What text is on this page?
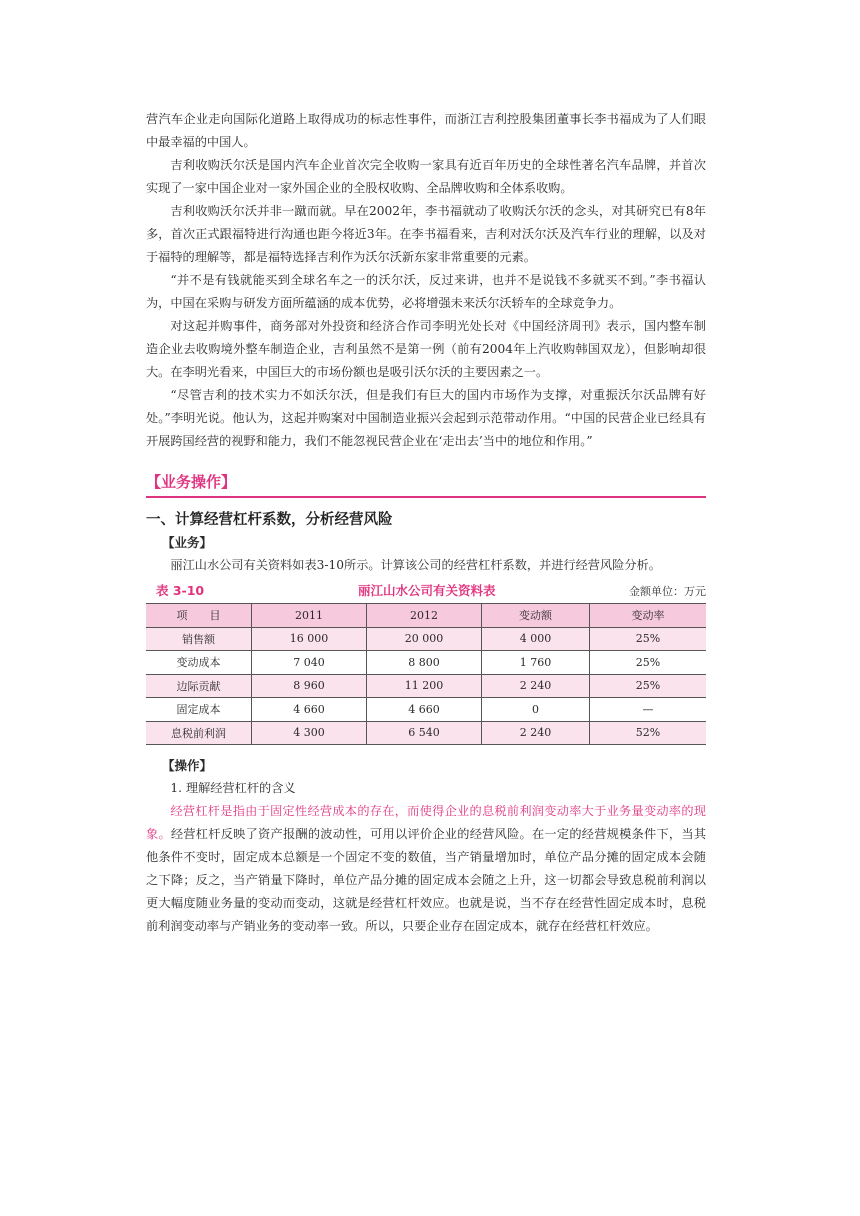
营汽车企业走向国际化道路上取得成功的标志性事件，而浙江吉利控股集团董事长李书福成为了人们眼中最幸福的中国人。

吉利收购沃尔沃是国内汽车企业首次完全收购一家具有近百年历史的全球性著名汽车品牌，并首次实现了一家中国企业对一家外国企业的全股权收购、全品牌收购和全体系收购。

吉利收购沃尔沃并非一蹴而就。早在2002年，李书福就动了收购沃尔沃的念头，对其研究已有8年多，首次正式跟福特进行沟通也距今将近3年。在李书福看来，吉利对沃尔沃及汽车行业的理解，以及对于福特的理解等，都是福特选择吉利作为沃尔沃新东家非常重要的元素。

“并不是有钱就能买到全球名车之一的沃尔沃，反过来讲，也并不是说钱不多就买不到。”李书福认为，中国在采购与研发方面所蕴涵的成本优势，必将增强未来沃尔沃轿车的全球竞争力。

对这起并购事件，商务部对外投资和经济合作司李明光处长对《中国经济周刊》表示，国内整车制造企业去收购境外整车制造企业，吉利虽然不是第一例（前有2004年上汽收购韩国双龙），但影响却很大。在李明光看来，中国巨大的市场份额也是吸引沃尔沃的主要因素之一。

“尽管吉利的技术实力不如沃尔沃，但是我们有巨大的国内市场作为支撑，对重振沃尔沃品牌有好处。”李明光说。他认为，这起并购案对中国制造业振兴会起到示范带动作用。“中国的民营企业已经具有开展跨国经营的视野和能力，我们不能忽视民营企业在‘走出去’当中的地位和作用。”

【业务操作】
一、计算经营杠杆系数，分析经营风险
【业务】

丽江山水公司有关资料如表3-10所示。计算该公司的经营杠杆系数，并进行经营风险分析。

表 3-10	丽江山水公司有关资料表	金额单位：万元
项　　目	2011	2012	变动额	变动率
销售额	16 000	20 000	4 000	25%
变动成本	7 040	8 800	1 760	25%
边际贡献	8 960	11 200	2 240	25%
固定成本	4 660	4 660	0	—
息税前利润	4 300	6 540	2 240	52%
【操作】

1. 理解经营杠杆的含义

经营杠杆是指由于固定性经营成本的存在，而使得企业的息税前利润变动率大于业务量变动率的现象。经营杠杆反映了资产报酬的波动性，可用以评价企业的经营风险。在一定的经营规模条件下，当其他条件不变时，固定成本总额是一个固定不变的数值，当产销量增加时，单位产品分摊的固定成本会随之下降；反之，当产销量下降时，单位产品分摊的固定成本会随之上升，这一切都会导致息税前利润以更大幅度随业务量的变动而变动，这就是经营杠杆效应。也就是说，当不存在经营性固定成本时，息税前利润变动率与产销业务的变动率一致。所以，只要企业存在固定成本，就存在经营杠杆效应。
